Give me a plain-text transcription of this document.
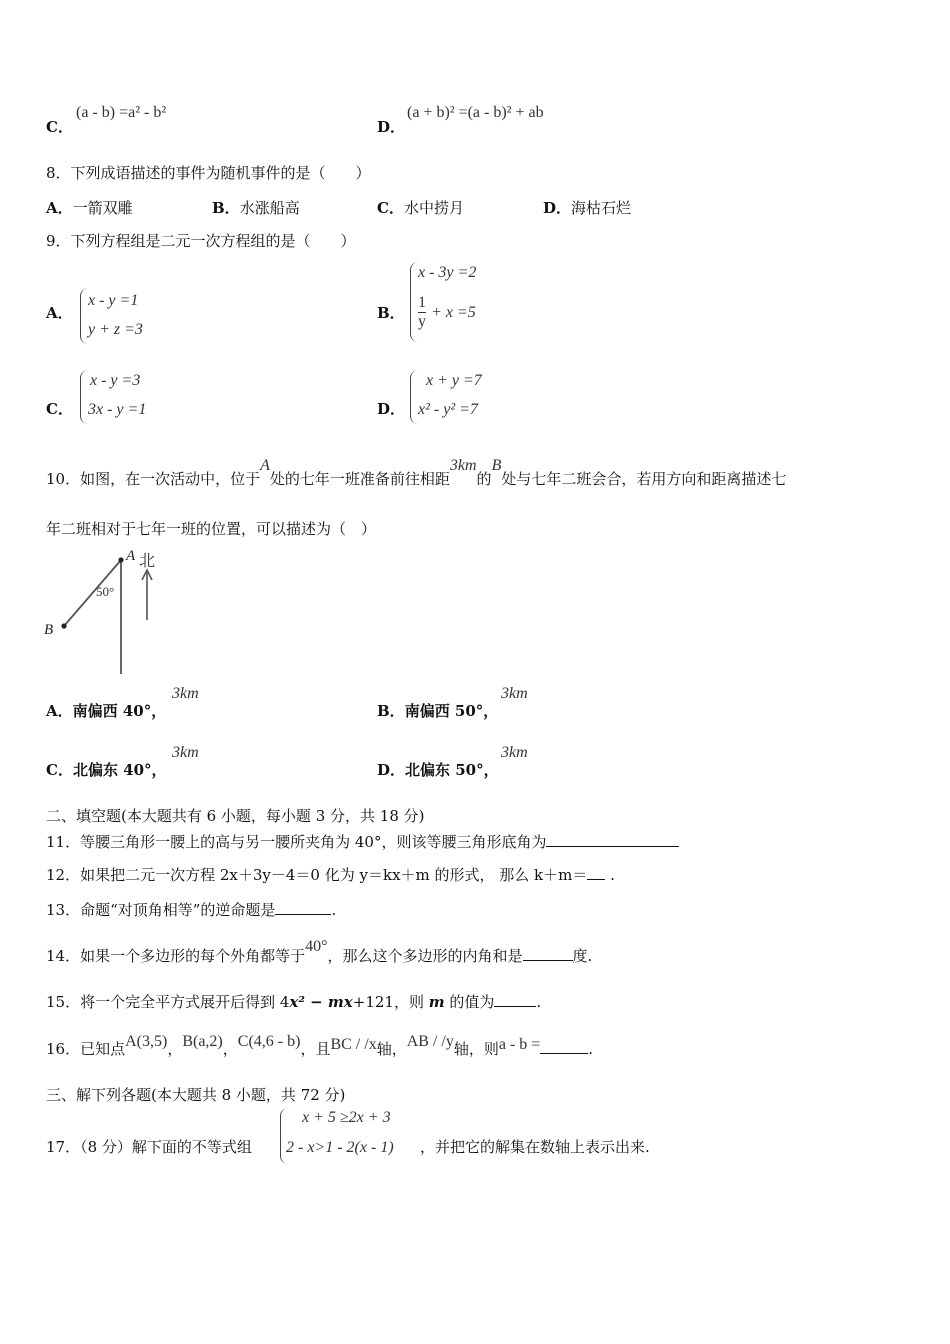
C．
(a - b) =a² - b²
D．
(a + b)² =(a - b)² + ab
8．下列成语描述的事件为随机事件的是（　　）
A．一箭双雕	B．水涨船高	C．水中捞月	D．海枯石烂
9．下列方程组是二元一次方程组的是（　　）
A．
x - y =1
y + z =3
B．
x - 3y =2
$\frac{1}{y} + x =5$
C．
x - y =3
3x - y =1	D．
x + y =7
x² - y² =7
10．如图，在一次活动中，位于A处的七年一班准备前往相距3km的B处与七年二班会合，若用方向和距离描述七
年二班相对于七年一班的位置，可以描述为（　）
A
B
北
50°
A．南偏西 40°，
3km
B．南偏西 50°，
3km
C．北偏东 40°，
3km
D．北偏东 50°，
3km
二、填空题(本大题共有 6 小题，每小题 3 分，共 18 分)
11．等腰三角形一腰上的高与另一腰所夹角为 40°，则该等腰三角形底角为
12．如果把二元一次方程 2x＋3y－4＝0 化为 y＝kx＋m 的形式， 那么 k＋m＝ .
13．命题“对顶角相等”的逆命题是	.
14．如果一个多边形的每个外角都等于40°，那么这个多边形的内角和是	度.
15．将一个完全平方式展开后得到 4x² − mx+121，则 m 的值为	.
16．已知点A(3,5)，B(a,2)，C(4,6 - b)，且BC / /x轴，AB / /y轴，则a - b =	.
三、解下列各题(本大题共 8 小题，共 72 分)
17．（8 分）解下面的不等式组
x + 5 ≥2x + 3
2 - x>1 - 2(x - 1) ，并把它的解集在数轴上表示出来.
